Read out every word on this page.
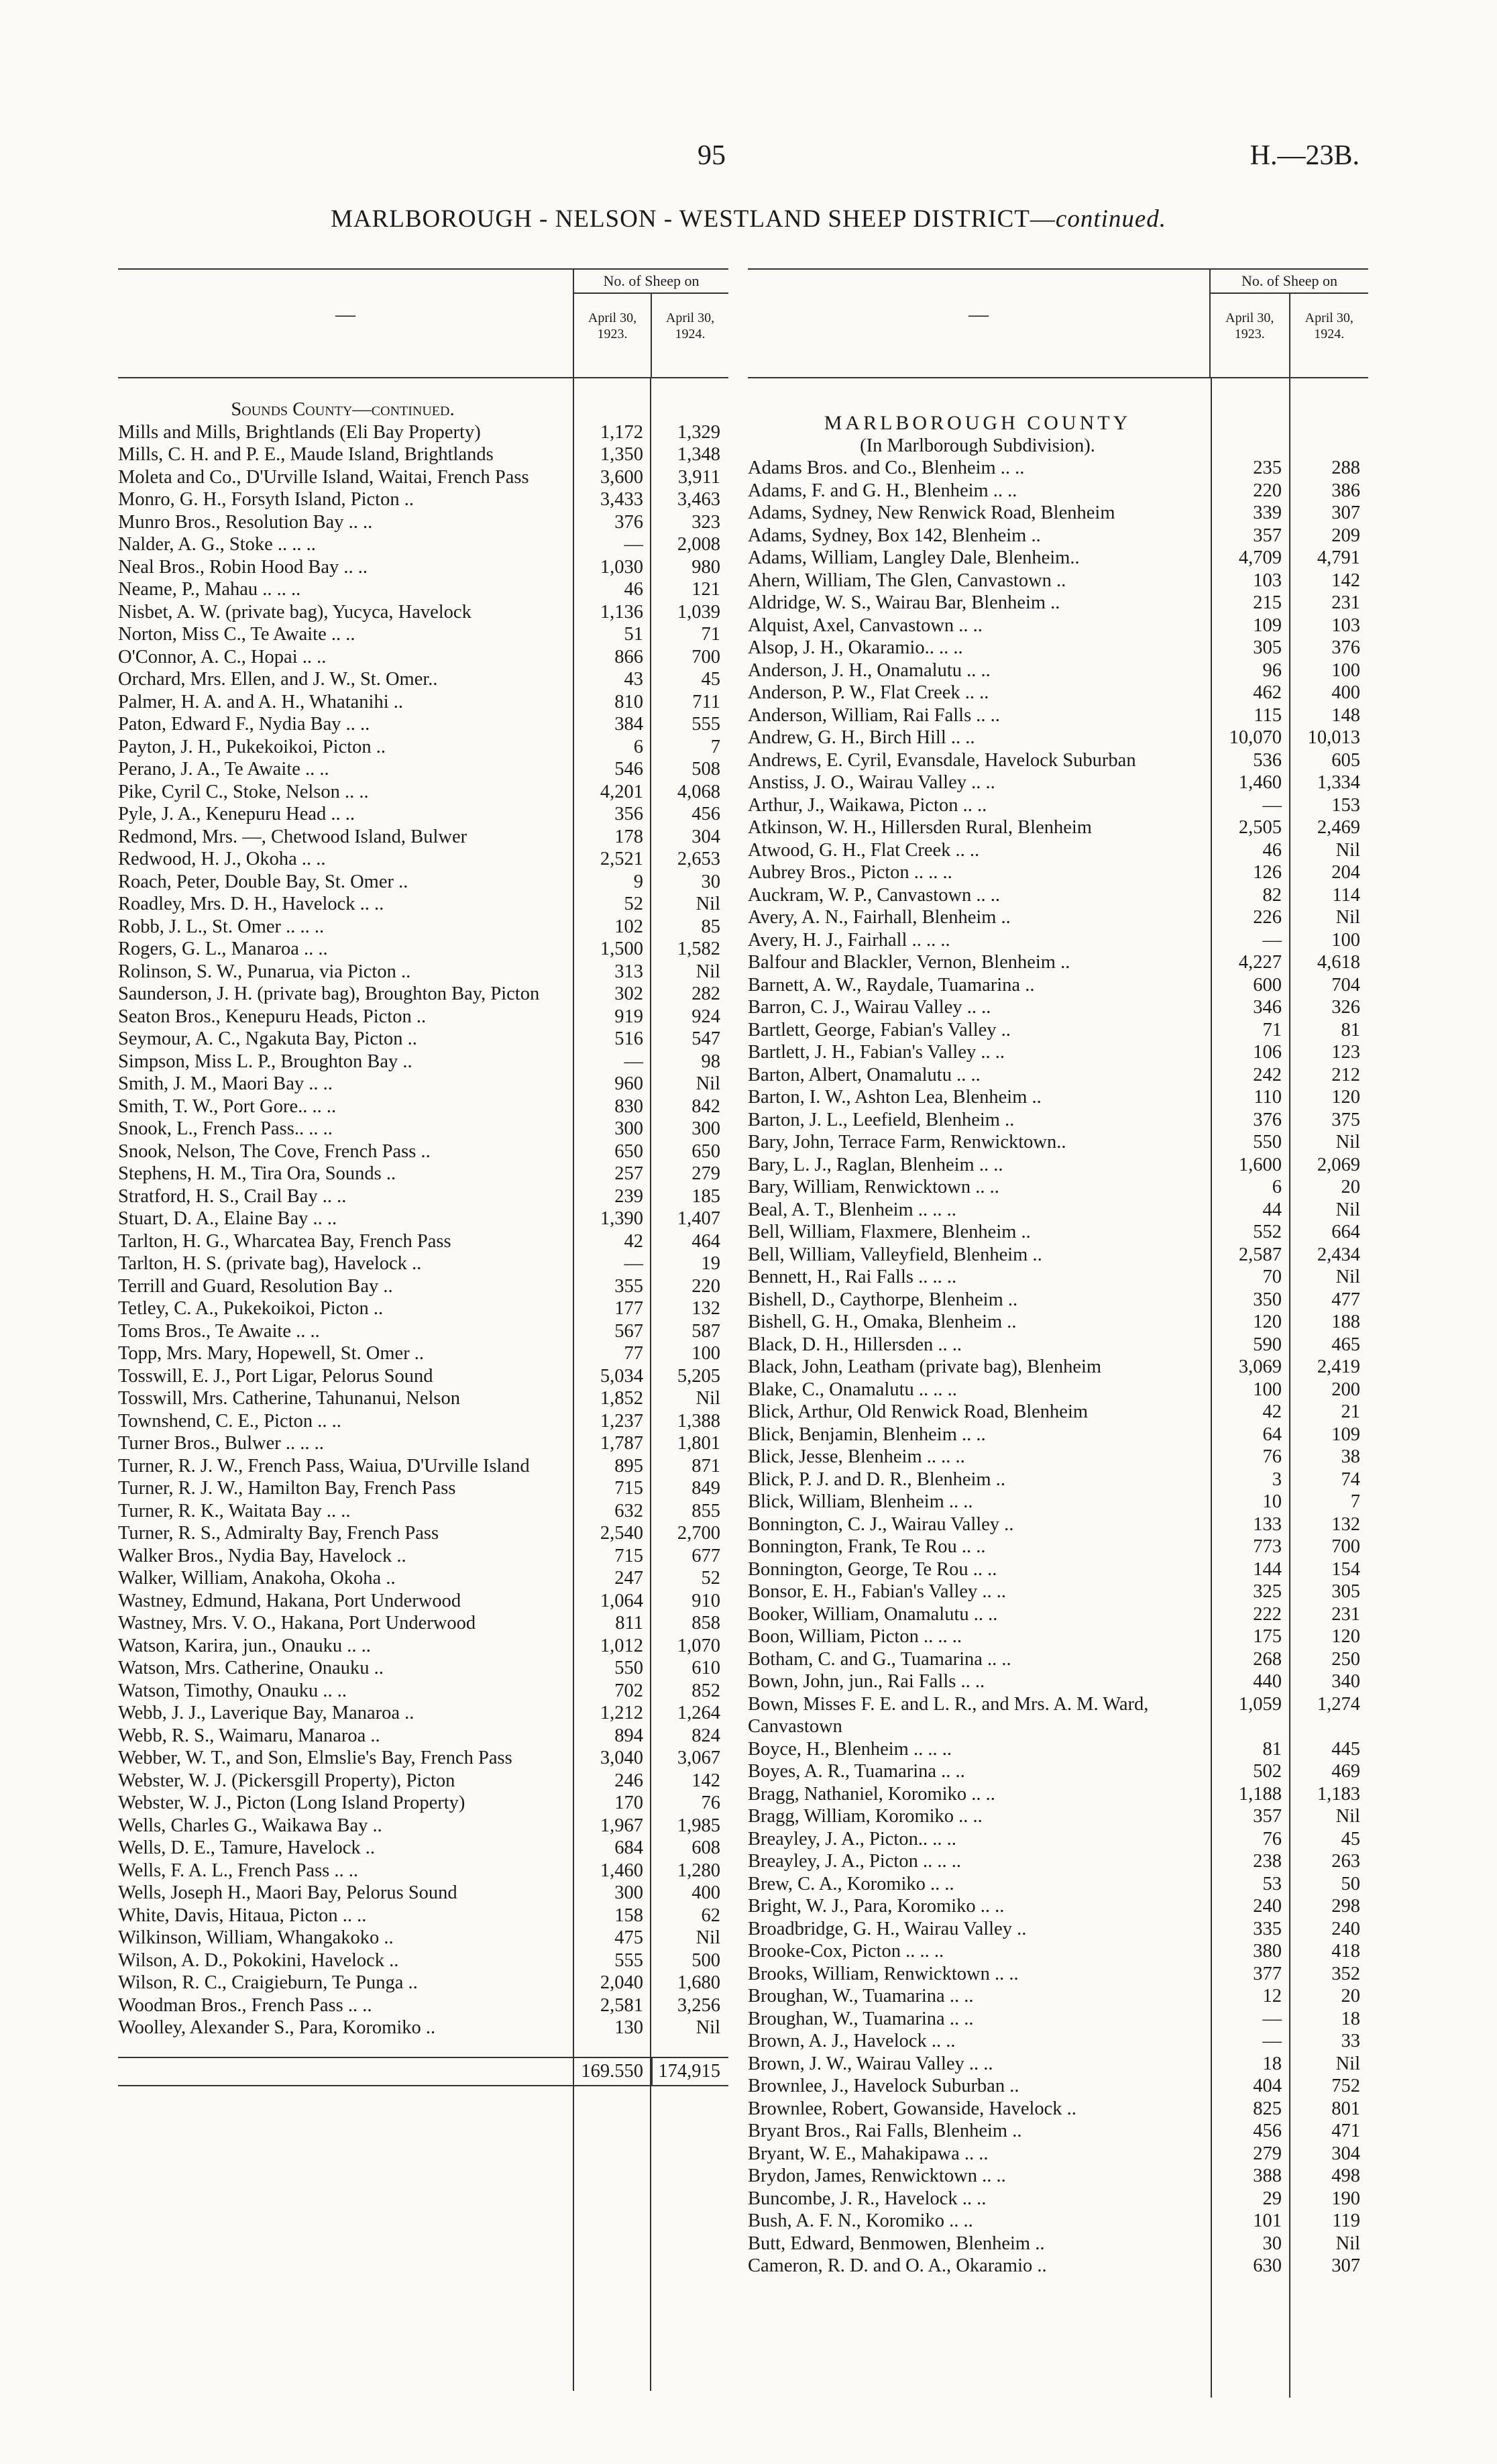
95	H.—23B.
MARLBOROUGH - NELSON - WESTLAND SHEEP DISTRICT—continued.
—
No. of Sheep on
April 30, 1923.
April 30, 1924.
Sounds County—continued.
Mills and Mills, Brightlands (Eli Bay Property)	1,172	1,329
Mills, C. H. and P. E., Maude Island, Brightlands	1,350	1,348
Moleta and Co., D'Urville Island, Waitai, French Pass	3,600	3,911
Monro, G. H., Forsyth Island, Picton ..	3,433	3,463
Munro Bros., Resolution Bay .. ..	376	323
Nalder, A. G., Stoke .. .. ..	—	2,008
Neal Bros., Robin Hood Bay .. ..	1,030	980
Neame, P., Mahau .. .. ..	46	121
Nisbet, A. W. (private bag), Yucyca, Havelock	1,136	1,039
Norton, Miss C., Te Awaite .. ..	51	71
O'Connor, A. C., Hopai .. ..	866	700
Orchard, Mrs. Ellen, and J. W., St. Omer..	43	45
Palmer, H. A. and A. H., Whatanihi ..	810	711
Paton, Edward F., Nydia Bay .. ..	384	555
Payton, J. H., Pukekoikoi, Picton ..	6	7
Perano, J. A., Te Awaite .. ..	546	508
Pike, Cyril C., Stoke, Nelson .. ..	4,201	4,068
Pyle, J. A., Kenepuru Head .. ..	356	456
Redmond, Mrs. —, Chetwood Island, Bulwer	178	304
Redwood, H. J., Okoha .. ..	2,521	2,653
Roach, Peter, Double Bay, St. Omer ..	9	30
Roadley, Mrs. D. H., Havelock .. ..	52	Nil
Robb, J. L., St. Omer .. .. ..	102	85
Rogers, G. L., Manaroa .. ..	1,500	1,582
Rolinson, S. W., Punarua, via Picton ..	313	Nil
Saunderson, J. H. (private bag), Broughton Bay, Picton	302	282
Seaton Bros., Kenepuru Heads, Picton ..	919	924
Seymour, A. C., Ngakuta Bay, Picton ..	516	547
Simpson, Miss L. P., Broughton Bay ..	—	98
Smith, J. M., Maori Bay .. ..	960	Nil
Smith, T. W., Port Gore.. .. ..	830	842
Snook, L., French Pass.. .. ..	300	300
Snook, Nelson, The Cove, French Pass ..	650	650
Stephens, H. M., Tira Ora, Sounds ..	257	279
Stratford, H. S., Crail Bay .. ..	239	185
Stuart, D. A., Elaine Bay .. ..	1,390	1,407
Tarlton, H. G., Wharcatea Bay, French Pass	42	464
Tarlton, H. S. (private bag), Havelock ..	—	19
Terrill and Guard, Resolution Bay ..	355	220
Tetley, C. A., Pukekoikoi, Picton ..	177	132
Toms Bros., Te Awaite .. ..	567	587
Topp, Mrs. Mary, Hopewell, St. Omer ..	77	100
Tosswill, E. J., Port Ligar, Pelorus Sound	5,034	5,205
Tosswill, Mrs. Catherine, Tahunanui, Nelson	1,852	Nil
Townshend, C. E., Picton .. ..	1,237	1,388
Turner Bros., Bulwer .. .. ..	1,787	1,801
Turner, R. J. W., French Pass, Waiua, D'Urville Island	895	871
Turner, R. J. W., Hamilton Bay, French Pass	715	849
Turner, R. K., Waitata Bay .. ..	632	855
Turner, R. S., Admiralty Bay, French Pass	2,540	2,700
Walker Bros., Nydia Bay, Havelock ..	715	677
Walker, William, Anakoha, Okoha ..	247	52
Wastney, Edmund, Hakana, Port Underwood	1,064	910
Wastney, Mrs. V. O., Hakana, Port Underwood	811	858
Watson, Karira, jun., Onauku .. ..	1,012	1,070
Watson, Mrs. Catherine, Onauku ..	550	610
Watson, Timothy, Onauku .. ..	702	852
Webb, J. J., Laverique Bay, Manaroa ..	1,212	1,264
Webb, R. S., Waimaru, Manaroa ..	894	824
Webber, W. T., and Son, Elmslie's Bay, French Pass	3,040	3,067
Webster, W. J. (Pickersgill Property), Picton	246	142
Webster, W. J., Picton (Long Island Property)	170	76
Wells, Charles G., Waikawa Bay ..	1,967	1,985
Wells, D. E., Tamure, Havelock ..	684	608
Wells, F. A. L., French Pass .. ..	1,460	1,280
Wells, Joseph H., Maori Bay, Pelorus Sound	300	400
White, Davis, Hitaua, Picton .. ..	158	62
Wilkinson, William, Whangakoko ..	475	Nil
Wilson, A. D., Pokokini, Havelock ..	555	500
Wilson, R. C., Craigieburn, Te Punga ..	2,040	1,680
Woodman Bros., French Pass .. ..	2,581	3,256
Woolley, Alexander S., Para, Koromiko ..	130	Nil
169.550 174,915
—
No. of Sheep on
April 30, 1923.
April 30, 1924.
MARLBOROUGH COUNTY
(In Marlborough Subdivision).
Adams Bros. and Co., Blenheim .. ..	235	288
Adams, F. and G. H., Blenheim .. ..	220	386
Adams, Sydney, New Renwick Road, Blenheim	339	307
Adams, Sydney, Box 142, Blenheim ..	357	209
Adams, William, Langley Dale, Blenheim..	4,709	4,791
Ahern, William, The Glen, Canvastown ..	103	142
Aldridge, W. S., Wairau Bar, Blenheim ..	215	231
Alquist, Axel, Canvastown .. ..	109	103
Alsop, J. H., Okaramio.. .. ..	305	376
Anderson, J. H., Onamalutu .. ..	96	100
Anderson, P. W., Flat Creek .. ..	462	400
Anderson, William, Rai Falls .. ..	115	148
Andrew, G. H., Birch Hill .. ..	10,070	10,013
Andrews, E. Cyril, Evansdale, Havelock Suburban	536	605
Anstiss, J. O., Wairau Valley .. ..	1,460	1,334
Arthur, J., Waikawa, Picton .. ..	—	153
Atkinson, W. H., Hillersden Rural, Blenheim	2,505	2,469
Atwood, G. H., Flat Creek .. ..	46	Nil
Aubrey Bros., Picton .. .. ..	126	204
Auckram, W. P., Canvastown .. ..	82	114
Avery, A. N., Fairhall, Blenheim ..	226	Nil
Avery, H. J., Fairhall .. .. ..	—	100
Balfour and Blackler, Vernon, Blenheim ..	4,227	4,618
Barnett, A. W., Raydale, Tuamarina ..	600	704
Barron, C. J., Wairau Valley .. ..	346	326
Bartlett, George, Fabian's Valley ..	71	81
Bartlett, J. H., Fabian's Valley .. ..	106	123
Barton, Albert, Onamalutu .. ..	242	212
Barton, I. W., Ashton Lea, Blenheim ..	110	120
Barton, J. L., Leefield, Blenheim ..	376	375
Bary, John, Terrace Farm, Renwicktown..	550	Nil
Bary, L. J., Raglan, Blenheim .. ..	1,600	2,069
Bary, William, Renwicktown .. ..	6	20
Beal, A. T., Blenheim .. .. ..	44	Nil
Bell, William, Flaxmere, Blenheim ..	552	664
Bell, William, Valleyfield, Blenheim ..	2,587	2,434
Bennett, H., Rai Falls .. .. ..	70	Nil
Bishell, D., Caythorpe, Blenheim ..	350	477
Bishell, G. H., Omaka, Blenheim ..	120	188
Black, D. H., Hillersden .. ..	590	465
Black, John, Leatham (private bag), Blenheim	3,069	2,419
Blake, C., Onamalutu .. .. ..	100	200
Blick, Arthur, Old Renwick Road, Blenheim	42	21
Blick, Benjamin, Blenheim .. ..	64	109
Blick, Jesse, Blenheim .. .. ..	76	38
Blick, P. J. and D. R., Blenheim ..	3	74
Blick, William, Blenheim .. ..	10	7
Bonnington, C. J., Wairau Valley ..	133	132
Bonnington, Frank, Te Rou .. ..	773	700
Bonnington, George, Te Rou .. ..	144	154
Bonsor, E. H., Fabian's Valley .. ..	325	305
Booker, William, Onamalutu .. ..	222	231
Boon, William, Picton .. .. ..	175	120
Botham, C. and G., Tuamarina .. ..	268	250
Bown, John, jun., Rai Falls .. ..	440	340
Bown, Misses F. E. and L. R., and Mrs. A. M. Ward, Canvastown
1,059	1,274
Boyce, H., Blenheim .. .. ..	81	445
Boyes, A. R., Tuamarina .. ..	502	469
Bragg, Nathaniel, Koromiko .. ..	1,188	1,183
Bragg, William, Koromiko .. ..	357	Nil
Breayley, J. A., Picton.. .. ..	76	45
Breayley, J. A., Picton .. .. ..	238	263
Brew, C. A., Koromiko .. ..	53	50
Bright, W. J., Para, Koromiko .. ..	240	298
Broadbridge, G. H., Wairau Valley ..	335	240
Brooke-Cox, Picton .. .. ..	380	418
Brooks, William, Renwicktown .. ..	377	352
Broughan, W., Tuamarina .. ..	12	20
Broughan, W., Tuamarina .. ..	—	18
Brown, A. J., Havelock .. ..	—	33
Brown, J. W., Wairau Valley .. ..	18	Nil
Brownlee, J., Havelock Suburban ..	404	752
Brownlee, Robert, Gowanside, Havelock ..	825	801
Bryant Bros., Rai Falls, Blenheim ..	456	471
Bryant, W. E., Mahakipawa .. ..	279	304
Brydon, James, Renwicktown .. ..	388	498
Buncombe, J. R., Havelock .. ..	29	190
Bush, A. F. N., Koromiko .. ..	101	119
Butt, Edward, Benmowen, Blenheim ..	30	Nil
Cameron, R. D. and O. A., Okaramio ..	630	307
